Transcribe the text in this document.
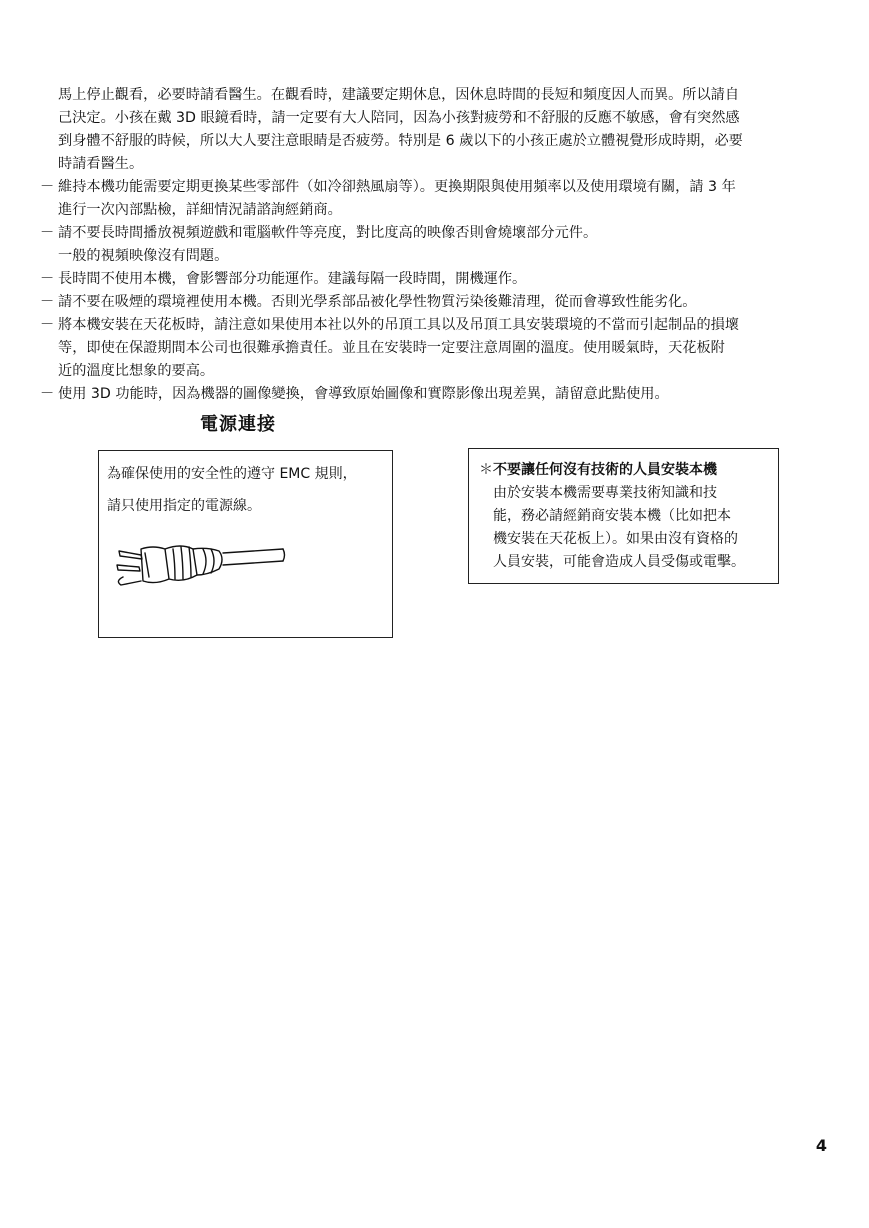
馬上停止觀看，必要時請看醫生。在觀看時，建議要定期休息，因休息時間的長短和頻度因人而異。所以請自

己決定。小孩在戴 3D 眼鏡看時，請一定要有大人陪同，因為小孩對疲勞和不舒服的反應不敏感，會有突然感

到身體不舒服的時候，所以大人要注意眼睛是否疲勞。特別是 6 歲以下的小孩正處於立體視覺形成時期，必要

時請看醫生。

－ 維持本機功能需要定期更換某些零部件（如冷卻熱風扇等）。更換期限與使用頻率以及使用環境有關，請 3 年
進行一次內部點檢，詳細情況請諮詢經銷商。
－ 請不要長時間播放視頻遊戲和電腦軟件等亮度，對比度高的映像否則會燒壞部分元件。
一般的視頻映像沒有問題。
－ 長時間不使用本機，會影響部分功能運作。建議每隔一段時間，開機運作。
－ 請不要在吸煙的環境裡使用本機。否則光學系部品被化學性物質污染後難清理，從而會導致性能劣化。
－ 將本機安裝在天花板時，請注意如果使用本社以外的吊頂工具以及吊頂工具安裝環境的不當而引起制品的損壞
等，即使在保證期間本公司也很難承擔責任。並且在安裝時一定要注意周圍的溫度。使用暖氣時，天花板附
近的溫度比想象的要高。
－ 使用 3D 功能時，因為機器的圖像變換，會導致原始圖像和實際影像出現差異，請留意此點使用。
電源連接
為確保使用的安全性的遵守 EMC 規則，
請只使用指定的電源線。
＊ 不要讓任何沒有技術的人員安裝本機
由於安裝本機需要專業技術知識和技
能，務必請經銷商安裝本機（比如把本
機安裝在天花板上）。如果由沒有資格的
人員安裝，可能會造成人員受傷或電擊。
4
